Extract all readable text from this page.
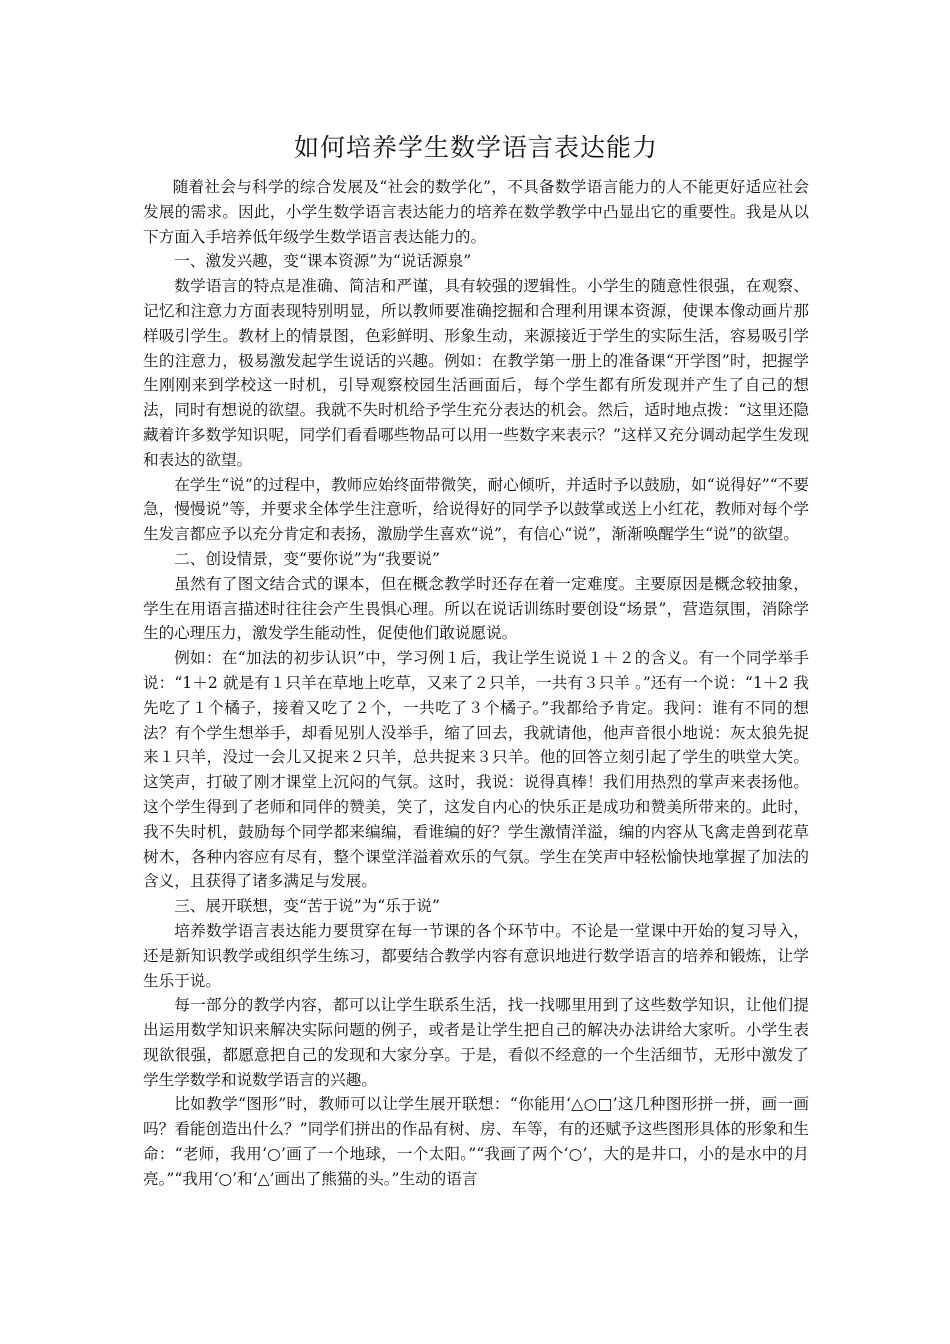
如何培养学生数学语言表达能力

随着社会与科学的综合发展及“社会的数学化”，不具备数学语言能力的人不能更好适应社会发展的需求。因此，小学生数学语言表达能力的培养在数学教学中凸显出它的重要性。我是从以下方面入手培养低年级学生数学语言表达能力的。

一、激发兴趣，变“课本资源”为“说话源泉”

数学语言的特点是准确、简洁和严谨，具有较强的逻辑性。小学生的随意性很强，在观察、记忆和注意力方面表现特别明显，所以教师要准确挖掘和合理利用课本资源，使课本像动画片那样吸引学生。教材上的情景图，色彩鲜明、形象生动，来源接近于学生的实际生活，容易吸引学生的注意力，极易激发起学生说话的兴趣。例如：在教学第一册上的准备课“开学图”时，把握学生刚刚来到学校这一时机，引导观察校园生活画面后，每个学生都有所发现并产生了自己的想法，同时有想说的欲望。我就不失时机给予学生充分表达的机会。然后，适时地点拨：“这里还隐藏着许多数学知识呢，同学们看看哪些物品可以用一些数字来表示？”这样又充分调动起学生发现和表达的欲望。

在学生“说”的过程中，教师应始终面带微笑，耐心倾听，并适时予以鼓励，如“说得好”“不要急，慢慢说”等，并要求全体学生注意听，给说得好的同学予以鼓掌或送上小红花，教师对每个学生发言都应予以充分肯定和表扬，激励学生喜欢“说”，有信心“说”，渐渐唤醒学生“说”的欲望。

二、创设情景，变“要你说”为“我要说”

虽然有了图文结合式的课本，但在概念教学时还存在着一定难度。主要原因是概念较抽象，学生在用语言描述时往往会产生畏惧心理。所以在说话训练时要创设“场景”，营造氛围，消除学生的心理压力，激发学生能动性，促使他们敢说愿说。

例如：在“加法的初步认识”中，学习例１后，我让学生说说１＋２的含义。有一个同学举手说：“1＋2 就是有１只羊在草地上吃草，又来了２只羊，一共有３只羊 。”还有一个说：“1＋2 我先吃了１个橘子，接着又吃了２个，一共吃了３个橘子。”我都给予肯定。我问：谁有不同的想法？有个学生想举手，却看见别人没举手，缩了回去，我就请他，他声音很小地说：灰太狼先捉来１只羊，没过一会儿又捉来２只羊，总共捉来３只羊。他的回答立刻引起了学生的哄堂大笑。这笑声，打破了刚才课堂上沉闷的气氛。这时，我说：说得真棒！我们用热烈的掌声来表扬他。这个学生得到了老师和同伴的赞美，笑了，这发自内心的快乐正是成功和赞美所带来的。此时，我不失时机，鼓励每个同学都来编编，看谁编的好？学生激情洋溢，编的内容从飞禽走兽到花草树木，各种内容应有尽有，整个课堂洋溢着欢乐的气氛。学生在笑声中轻松愉快地掌握了加法的含义，且获得了诸多满足与发展。

三、展开联想，变“苦于说”为“乐于说”

培养数学语言表达能力要贯穿在每一节课的各个环节中。不论是一堂课中开始的复习导入，还是新知识教学或组织学生练习，都要结合教学内容有意识地进行数学语言的培养和锻炼，让学生乐于说。

每一部分的教学内容，都可以让学生联系生活，找一找哪里用到了这些数学知识，让他们提出运用数学知识来解决实际问题的例子，或者是让学生把自己的解决办法讲给大家听。小学生表现欲很强，都愿意把自己的发现和大家分享。于是，看似不经意的一个生活细节，无形中激发了学生学数学和说数学语言的兴趣。

比如教学“图形”时，教师可以让学生展开联想：“你能用‘△○□’这几种图形拼一拼，画一画吗？看能创造出什么？”同学们拼出的作品有树、房、车等，有的还赋予这些图形具体的形象和生命：“老师，我用‘○’画了一个地球，一个太阳。”“我画了两个‘○’，大的是井口，小的是水中的月亮。”“我用‘○’和‘△’画出了熊猫的头。”生动的语言
